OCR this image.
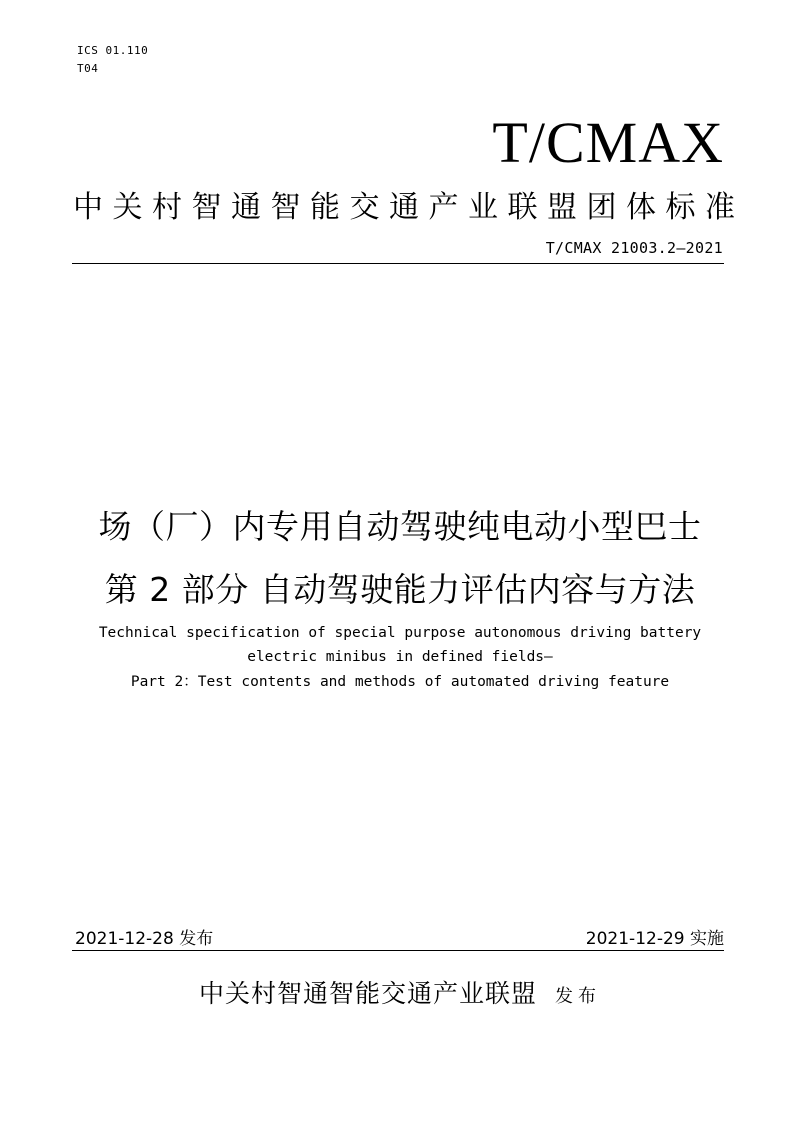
ICS 01.110
T04
T/CMAX
中关村智通智能交通产业联盟团体标准
T/CMAX 21003.2—2021
场（厂）内专用自动驾驶纯电动小型巴士
第 2 部分 自动驾驶能力评估内容与方法
Technical specification of special purpose autonomous driving battery
electric minibus in defined fields—
Part 2：Test contents and methods of automated driving feature
2021-12-28 发布	2021-12-29 实施
中关村智通智能交通产业联盟 发布
